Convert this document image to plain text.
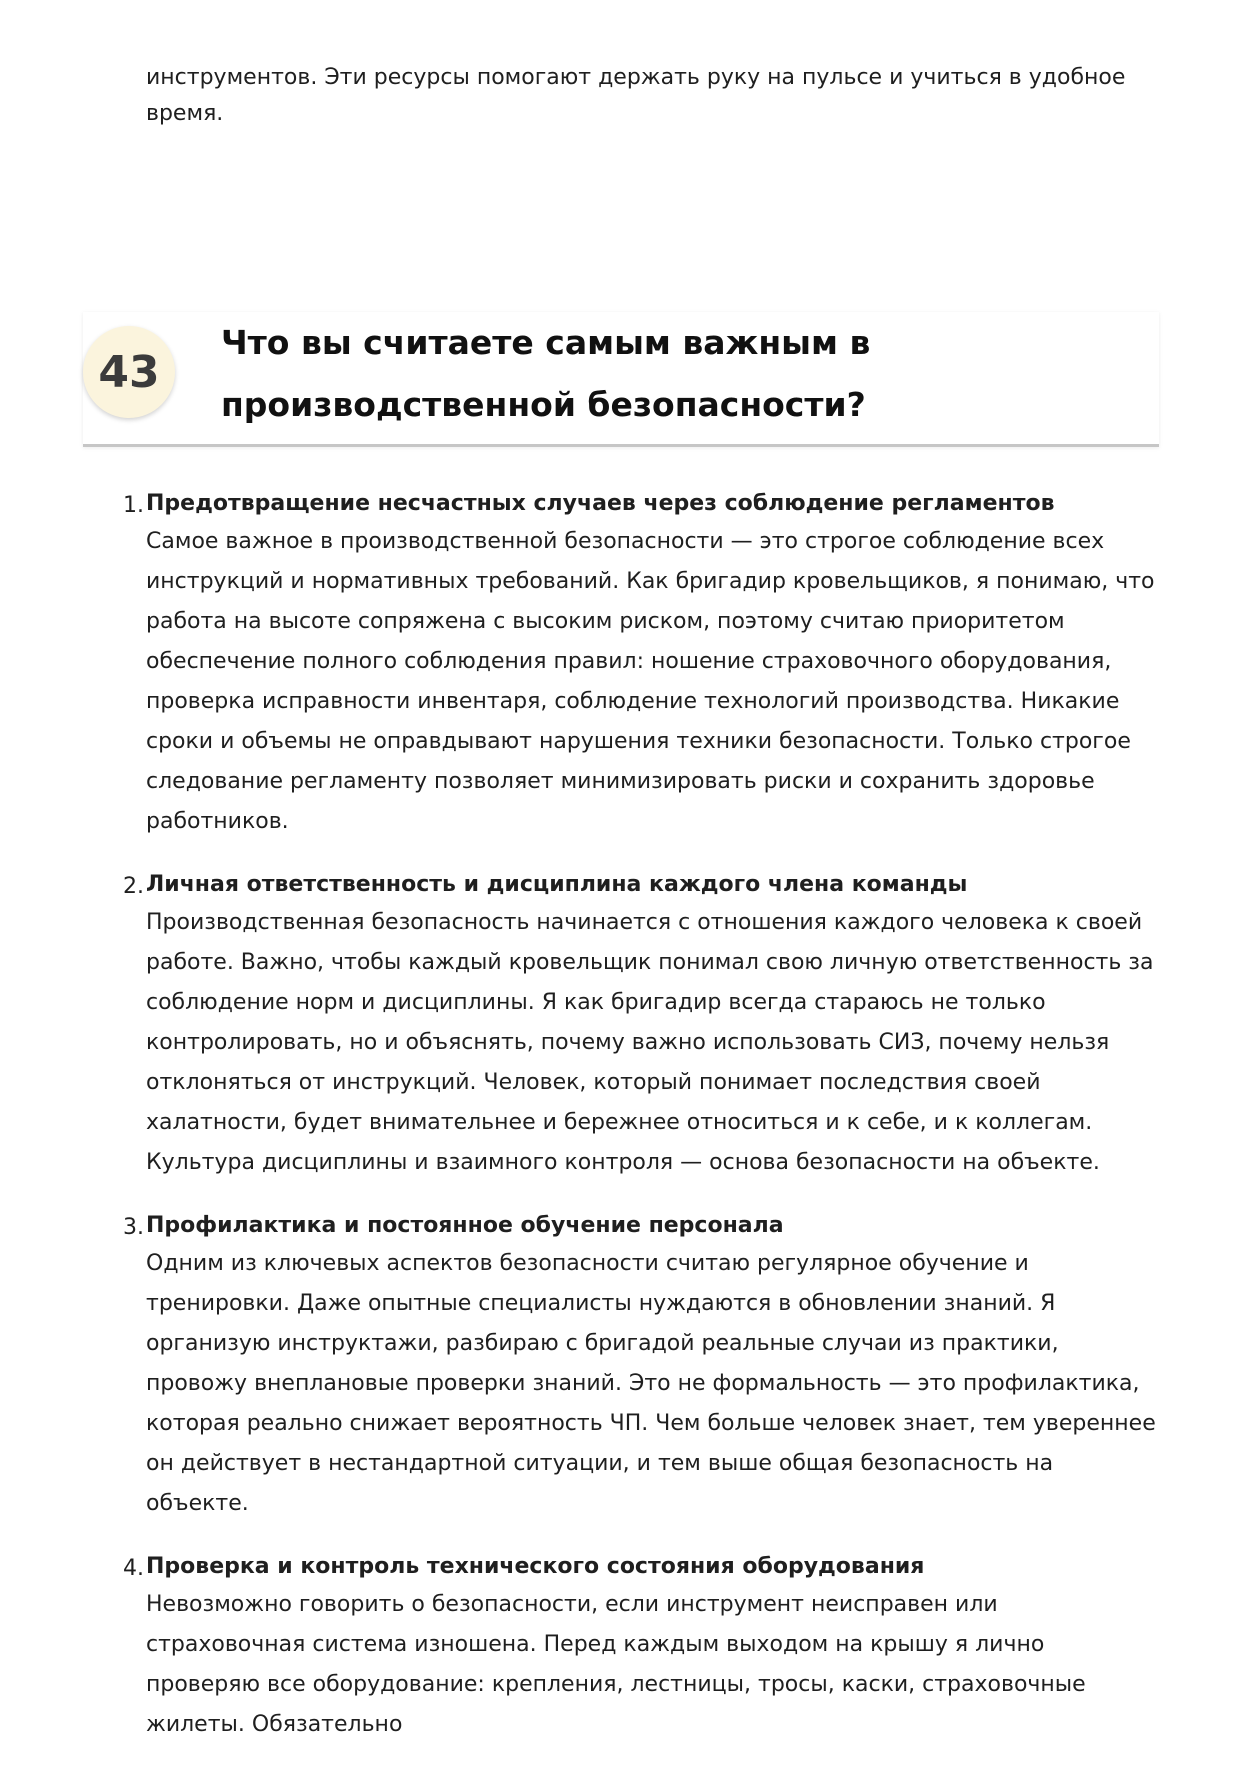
инструментов. Эти ресурсы помогают держать руку на пульсе и учиться в удобное время.

43
Что вы считаете самым важным в производственной безопасности?
1. Предотвращение несчастных случаев через соблюдение регламентов
Самое важное в производственной безопасности — это строгое соблюдение всех инструкций и нормативных требований. Как бригадир кровельщиков, я понимаю, что работа на высоте сопряжена с высоким риском, поэтому считаю приоритетом обеспечение полного соблюдения правил: ношение страховочного оборудования, проверка исправности инвентаря, соблюдение технологий производства. Никакие сроки и объемы не оправдывают нарушения техники безопасности. Только строгое следование регламенту позволяет минимизировать риски и сохранить здоровье работников.
2. Личная ответственность и дисциплина каждого члена команды
Производственная безопасность начинается с отношения каждого человека к своей работе. Важно, чтобы каждый кровельщик понимал свою личную ответственность за соблюдение норм и дисциплины. Я как бригадир всегда стараюсь не только контролировать, но и объяснять, почему важно использовать СИЗ, почему нельзя отклоняться от инструкций. Человек, который понимает последствия своей халатности, будет внимательнее и бережнее относиться и к себе, и к коллегам. Культура дисциплины и взаимного контроля — основа безопасности на объекте.
3. Профилактика и постоянное обучение персонала
Одним из ключевых аспектов безопасности считаю регулярное обучение и тренировки. Даже опытные специалисты нуждаются в обновлении знаний. Я организую инструктажи, разбираю с бригадой реальные случаи из практики, провожу внеплановые проверки знаний. Это не формальность — это профилактика, которая реально снижает вероятность ЧП. Чем больше человек знает, тем увереннее он действует в нестандартной ситуации, и тем выше общая безопасность на объекте.
4. Проверка и контроль технического состояния оборудования
Невозможно говорить о безопасности, если инструмент неисправен или страховочная система изношена. Перед каждым выходом на крышу я лично проверяю все оборудование: крепления, лестницы, тросы, каски, страховочные жилеты. Обязательно
